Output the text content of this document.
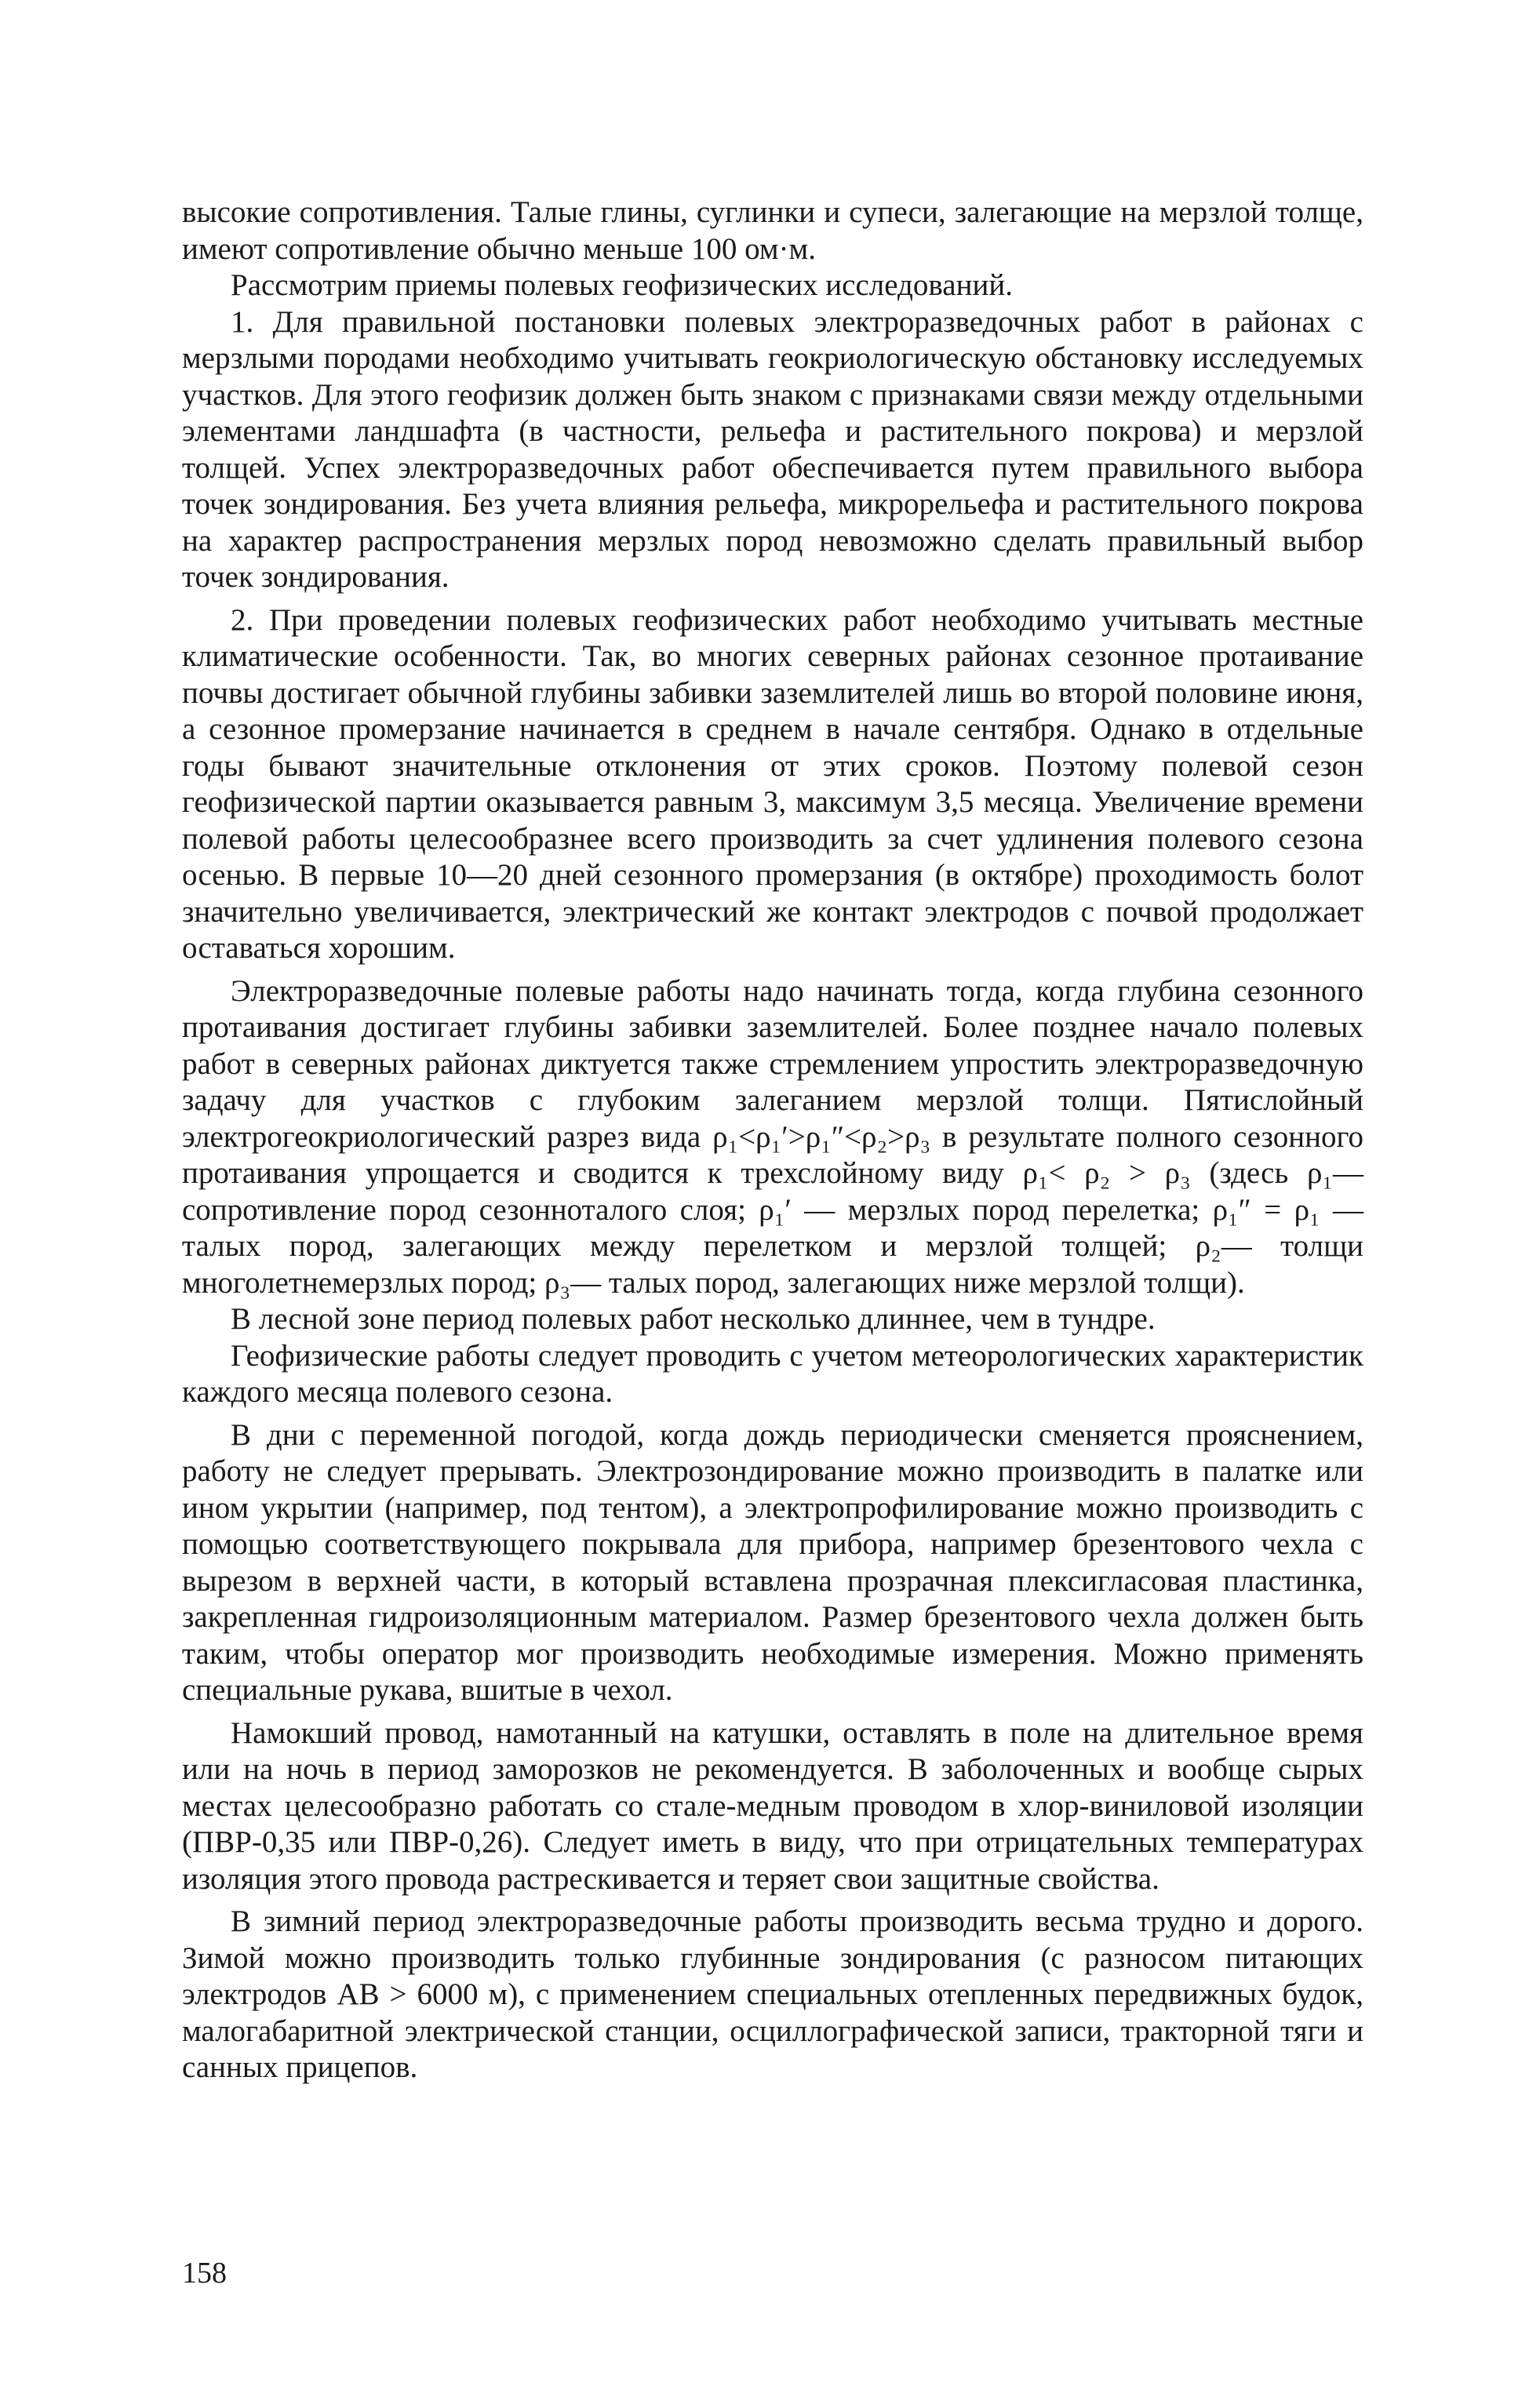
высокие сопротивления. Талые глины, суглинки и супеси, залегающие на мерзлой толще, имеют сопротивление обычно меньше 100 ом·м.

Рассмотрим приемы полевых геофизических исследований.

1. Для правильной постановки полевых электроразведочных работ в районах с мерзлыми породами необходимо учитывать геокриологическую обстановку исследуемых участков. Для этого геофизик должен быть знаком с признаками связи между отдельными элементами ландшафта (в частности, рельефа и растительного покрова) и мерзлой толщей. Успех электроразведочных работ обеспечивается путем правильного выбора точек зондирования. Без учета влияния рельефа, микрорельефа и растительного покрова на характер распространения мерзлых пород невозможно сделать правильный выбор точек зондирования.

2. При проведении полевых геофизических работ необходимо учитывать местные климатические особенности. Так, во многих северных районах сезонное протаивание почвы достигает обычной глубины забивки заземлителей лишь во второй половине июня, а сезонное промерзание начинается в среднем в начале сентября. Однако в отдельные годы бывают значительные отклонения от этих сроков. Поэтому полевой сезон геофизической партии оказывается равным 3, максимум 3,5 месяца. Увеличение времени полевой работы целесообразнее всего производить за счет удлинения полевого сезона осенью. В первые 10—20 дней сезонного промерзания (в октябре) проходимость болот значительно увеличивается, электрический же контакт электродов с почвой продолжает оставаться хорошим.

Электроразведочные полевые работы надо начинать тогда, когда глубина сезонного протаивания достигает глубины забивки заземлителей. Более позднее начало полевых работ в северных районах диктуется также стремлением упростить электроразведочную задачу для участков с глубоким залеганием мерзлой толщи. Пятислойный электрогеокриологический разрез вида ρ₁<ρ₁′>ρ₁″<ρ₂>ρ₃ в результате полного сезонного протаивания упрощается и сводится к трехслойному виду ρ₁< ρ₂ > ρ₃ (здесь ρ₁— сопротивление пород сезонноталого слоя; ρ₁′ — мерзлых пород перелетка; ρ₁″ = ρ₁ — талых пород, залегающих между перелетком и мерзлой толщей; ρ₂— толщи многолетнемерзлых пород; ρ₃— талых пород, залегающих ниже мерзлой толщи).

В лесной зоне период полевых работ несколько длиннее, чем в тундре.

Геофизические работы следует проводить с учетом метеорологических характеристик каждого месяца полевого сезона.

В дни с переменной погодой, когда дождь периодически сменяется прояснением, работу не следует прерывать. Электрозондирование можно производить в палатке или ином укрытии (например, под тентом), а электропрофилирование можно производить с помощью соответствующего покрывала для прибора, например брезентового чехла с вырезом в верхней части, в который вставлена прозрачная плексигласовая пластинка, закрепленная гидроизоляционным материалом. Размер брезентового чехла должен быть таким, чтобы оператор мог производить необходимые измерения. Можно применять специальные рукава, вшитые в чехол.

Намокший провод, намотанный на катушки, оставлять в поле на длительное время или на ночь в период заморозков не рекомендуется. В заболоченных и вообще сырых местах целесообразно работать со стале-медным проводом в хлор-виниловой изоляции (ПВР-0,35 или ПВР-0,26). Следует иметь в виду, что при отрицательных температурах изоляция этого провода растрескивается и теряет свои защитные свойства.

В зимний период электроразведочные работы производить весьма трудно и дорого. Зимой можно производить только глубинные зондирования (с разносом питающих электродов AB > 6000 м), с применением специальных отепленных передвижных будок, малогабаритной электрической станции, осциллографической записи, тракторной тяги и санных прицепов.

158
